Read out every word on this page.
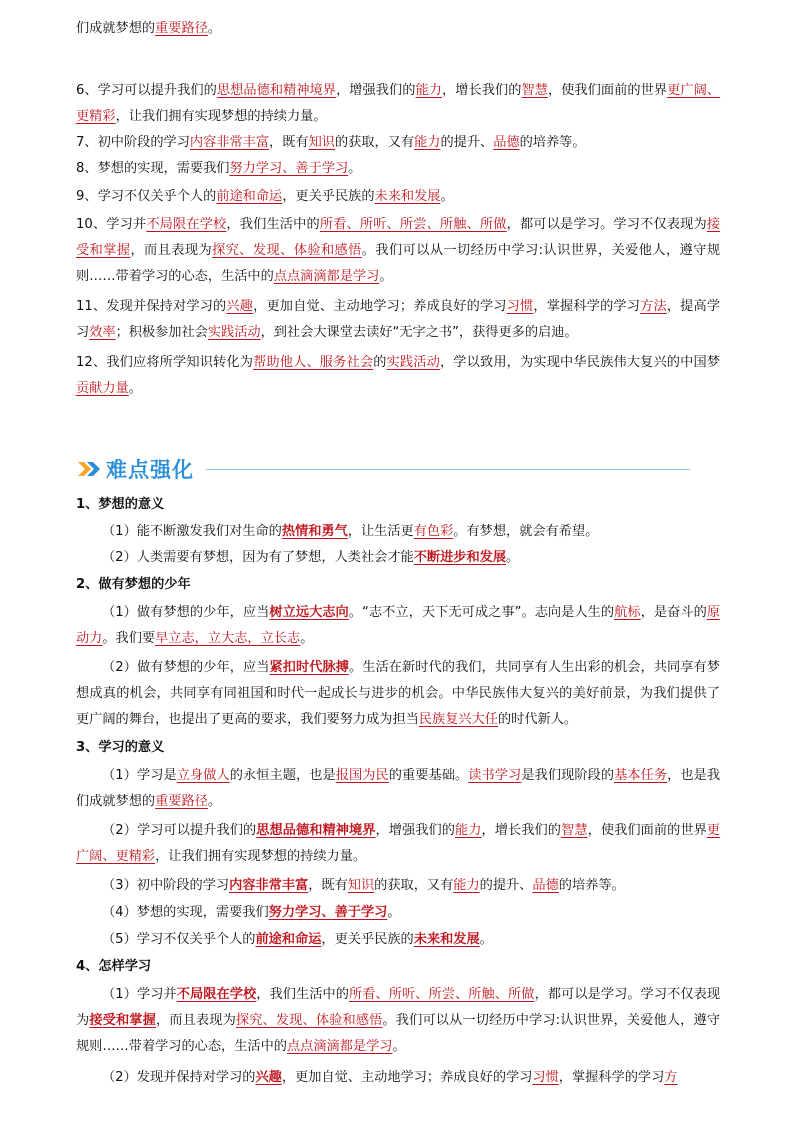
们成就梦想的重要路径。

6、学习可以提升我们的思想品德和精神境界，增强我们的能力，增长我们的智慧，使我们面前的世界更广阔、更精彩，让我们拥有实现梦想的持续力量。

7、初中阶段的学习内容非常丰富，既有知识的获取，又有能力的提升、品德的培养等。

8、梦想的实现，需要我们努力学习、善于学习。

9、学习不仅关乎个人的前途和命运，更关乎民族的未来和发展。

10、学习并不局限在学校，我们生活中的所看、所听、所尝、所触、所做，都可以是学习。学习不仅表现为接受和掌握，而且表现为探究、发现、体验和感悟。我们可以从一切经历中学习:认识世界，关爱他人，遵守规则……带着学习的心态，生活中的点点滴滴都是学习。

11、发现并保持对学习的兴趣，更加自觉、主动地学习；养成良好的学习习惯，掌握科学的学习方法，提高学习效率；积极参加社会实践活动，到社会大课堂去读好“无字之书”，获得更多的启迪。

12、我们应将所学知识转化为帮助他人、服务社会的实践活动，学以致用，为实现中华民族伟大复兴的中国梦贡献力量。

难点强化

1、梦想的意义

（1）能不断激发我们对生命的热情和勇气，让生活更有色彩。有梦想，就会有希望。

（2）人类需要有梦想，因为有了梦想，人类社会才能不断进步和发展。

2、做有梦想的少年

（1）做有梦想的少年，应当树立远大志向。“志不立，天下无可成之事”。志向是人生的航标，是奋斗的原动力。我们要早立志，立大志，立长志。

（2）做有梦想的少年，应当紧扣时代脉搏。生活在新时代的我们，共同享有人生出彩的机会，共同享有梦想成真的机会，共同享有同祖国和时代一起成长与进步的机会。中华民族伟大复兴的美好前景，为我们提供了更广阔的舞台，也提出了更高的要求，我们要努力成为担当民族复兴大任的时代新人。

3、学习的意义

（1）学习是立身做人的永恒主题，也是报国为民的重要基础。读书学习是我们现阶段的基本任务，也是我们成就梦想的重要路径。

（2）学习可以提升我们的思想品德和精神境界，增强我们的能力，增长我们的智慧，使我们面前的世界更广阔、更精彩，让我们拥有实现梦想的持续力量。

（3）初中阶段的学习内容非常丰富，既有知识的获取，又有能力的提升、品德的培养等。

（4）梦想的实现，需要我们努力学习、善于学习。

（5）学习不仅关乎个人的前途和命运，更关乎民族的未来和发展。

4、怎样学习

（1）学习并不局限在学校，我们生活中的所看、所听、所尝、所触、所做，都可以是学习。学习不仅表现为接受和掌握，而且表现为探究、发现、体验和感悟。我们可以从一切经历中学习:认识世界，关爱他人，遵守规则……带着学习的心态，生活中的点点滴滴都是学习。

（2）发现并保持对学习的兴趣，更加自觉、主动地学习；养成良好的学习习惯，掌握科学的学习方
